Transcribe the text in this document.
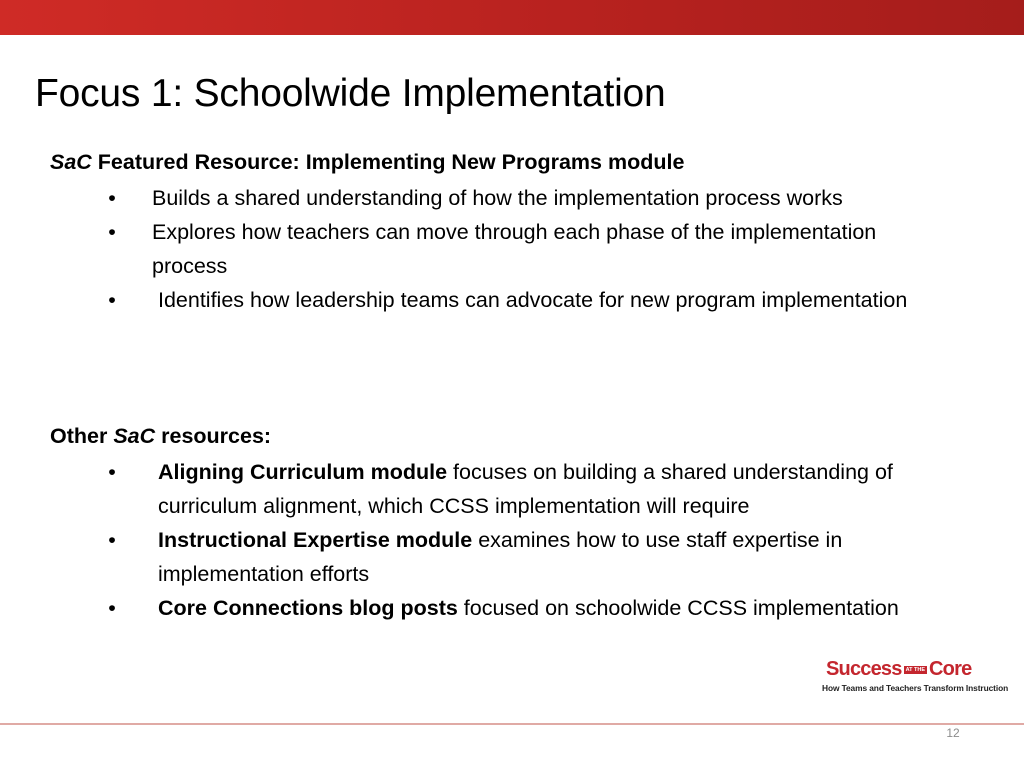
Focus 1: Schoolwide Implementation

SaC Featured Resource: Implementing New Programs module

• Builds a shared understanding of how the implementation process works
• Explores how teachers can move through each phase of the implementation process
• Identifies how leadership teams can advocate for new program implementation

Other SaC resources:

• Aligning Curriculum module focuses on building a shared understanding of curriculum alignment, which CCSS implementation will require
• Instructional Expertise module examines how to use staff expertise in implementation efforts
• Core Connections blog posts focused on schoolwide CCSS implementation
Success AT THE Core
How Teams and Teachers Transform Instruction
12
